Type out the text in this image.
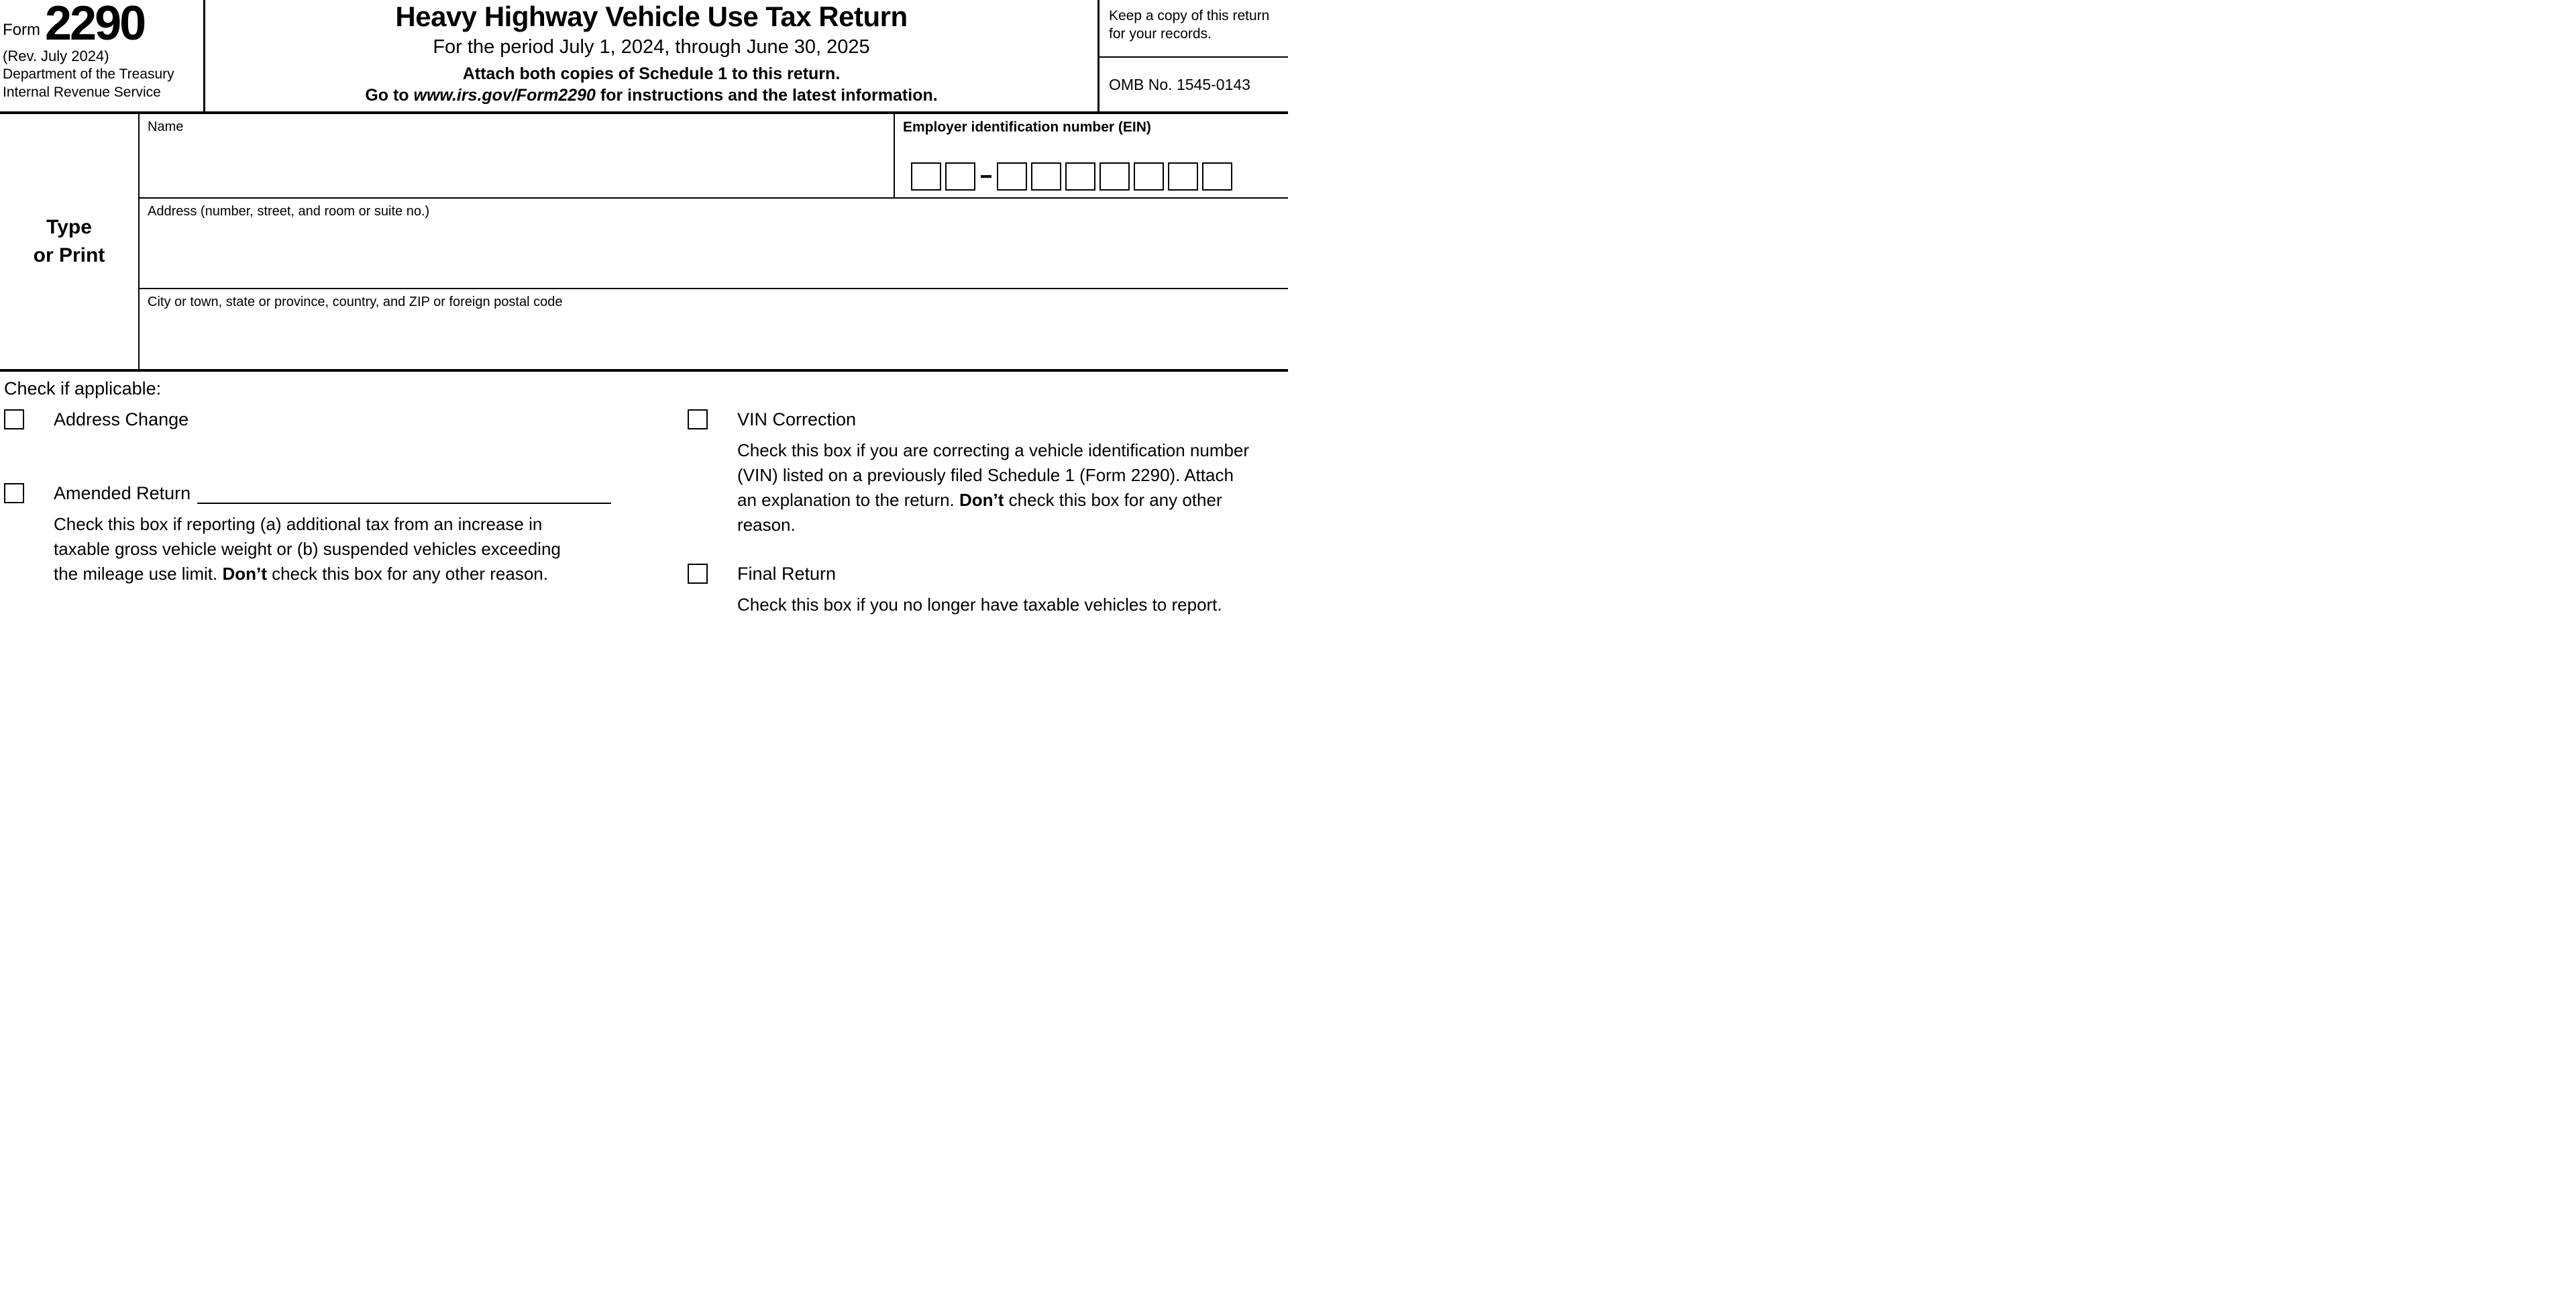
Form 2290
(Rev. July 2024)
Department of the Treasury
Internal Revenue Service
Heavy Highway Vehicle Use Tax Return
For the period July 1, 2024, through June 30, 2025
Attach both copies of Schedule 1 to this return.
Go to www.irs.gov/Form2290 for instructions and the latest information.
Keep a copy of this return for your records.
OMB No. 1545-0143
Type
or Print
Name	Employer identification number (EIN)
Address (number, street, and room or suite no.)
City or town, state or province, country, and ZIP or foreign postal code
Check if applicable:
Address Change
Amended Return

Check this box if reporting (a) additional tax from an increase in taxable gross vehicle weight or (b) suspended vehicles exceeding the mileage use limit. Don’t check this box for any other reason.

VIN Correction

Check this box if you are correcting a vehicle identification number (VIN) listed on a previously filed Schedule 1 (Form 2290). Attach an explanation to the return. Don’t check this box for any other reason.

Final Return

Check this box if you no longer have taxable vehicles to report.
